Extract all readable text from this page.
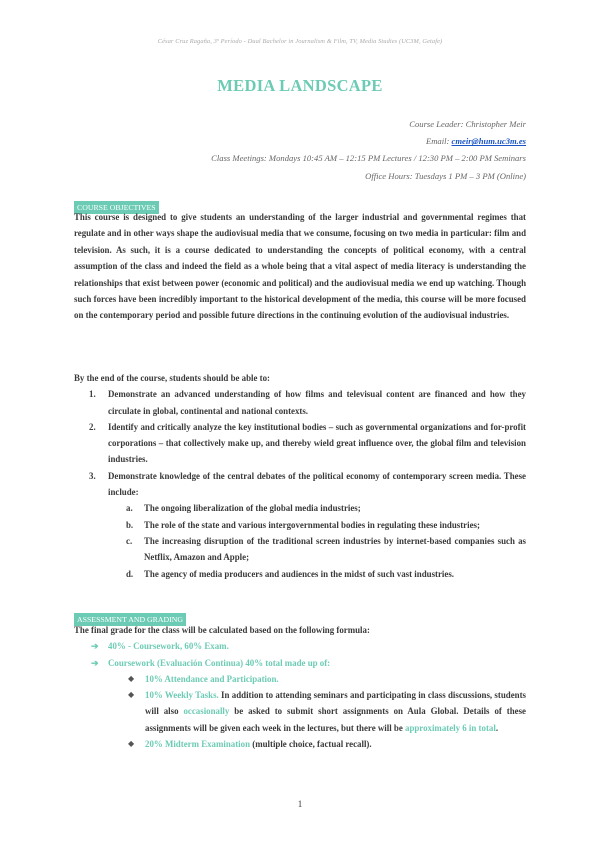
César Cruz Ragaña, 3º Período - Dual Bachelor in Journalism & Film, TV, Media Studies (UC3M, Getafe)
MEDIA LANDSCAPE
Course Leader: Christopher Meir
Email: cmeir@hum.uc3m.es
Class Meetings: Mondays 10:45 AM – 12:15 PM Lectures / 12:30 PM – 2:00 PM Seminars
Office Hours: Tuesdays 1 PM – 3 PM (Online)
COURSE OBJECTIVES
This course is designed to give students an understanding of the larger industrial and governmental regimes that regulate and in other ways shape the audiovisual media that we consume, focusing on two media in particular: film and television. As such, it is a course dedicated to understanding the concepts of political economy, with a central assumption of the class and indeed the field as a whole being that a vital aspect of media literacy is understanding the relationships that exist between power (economic and political) and the audiovisual media we end up watching. Though such forces have been incredibly important to the historical development of the media, this course will be more focused on the contemporary period and possible future directions in the continuing evolution of the audiovisual industries.
By the end of the course, students should be able to:
1. Demonstrate an advanced understanding of how films and televisual content are financed and how they circulate in global, continental and national contexts.
2. Identify and critically analyze the key institutional bodies – such as governmental organizations and for-profit corporations – that collectively make up, and thereby wield great influence over, the global film and television industries.
3. Demonstrate knowledge of the central debates of the political economy of contemporary screen media. These include:
a. The ongoing liberalization of the global media industries;
b. The role of the state and various intergovernmental bodies in regulating these industries;
c. The increasing disruption of the traditional screen industries by internet-based companies such as Netflix, Amazon and Apple;
d. The agency of media producers and audiences in the midst of such vast industries.
ASSESSMENT AND GRADING
The final grade for the class will be calculated based on the following formula:
➔ 40% - Coursework, 60% Exam.
➔ Coursework (Evaluación Continua) 40% total made up of:
◆ 10% Attendance and Participation.
◆ 10% Weekly Tasks. In addition to attending seminars and participating in class discussions, students will also occasionally be asked to submit short assignments on Aula Global. Details of these assignments will be given each week in the lectures, but there will be approximately 6 in total.
◆ 20% Midterm Examination (multiple choice, factual recall).
1
